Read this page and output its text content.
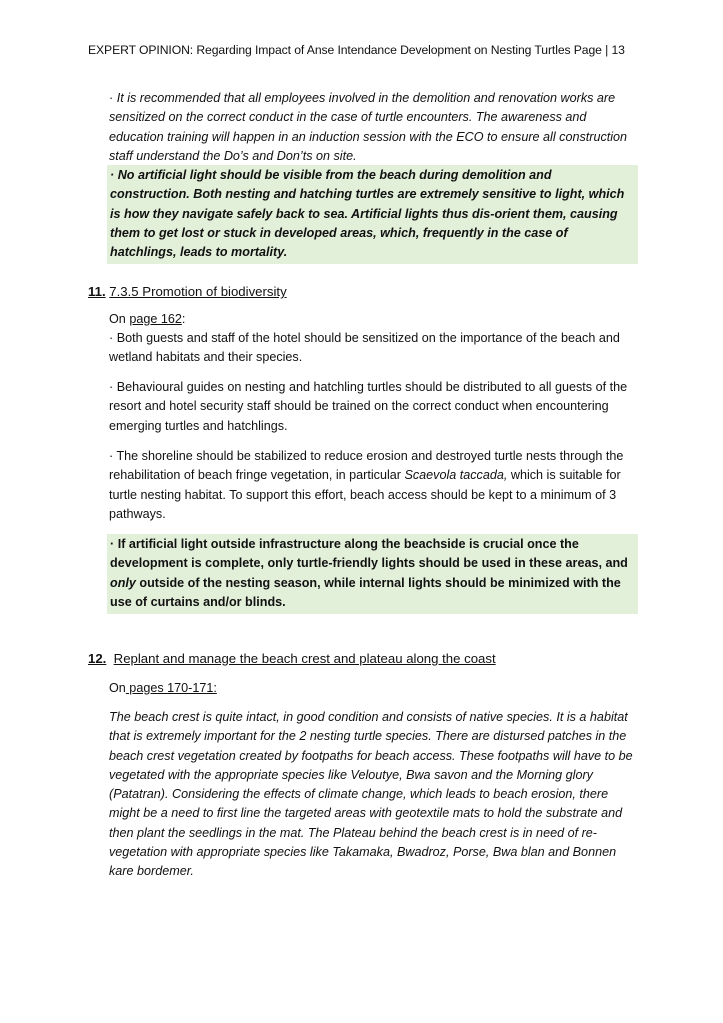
EXPERT OPINION: Regarding Impact of Anse Intendance Development on Nesting Turtles Page | 13
· It is recommended that all employees involved in the demolition and renovation works are sensitized on the correct conduct in the case of turtle encounters. The awareness and education training will happen in an induction session with the ECO to ensure all construction staff understand the Do’s and Don’ts on site.
· No artificial light should be visible from the beach during demolition and construction. Both nesting and hatching turtles are extremely sensitive to light, which is how they navigate safely back to sea. Artificial lights thus dis-orient them, causing them to get lost or stuck in developed areas, which, frequently in the case of hatchlings, leads to mortality.
11. 7.3.5 Promotion of biodiversity
On page 162:
· Both guests and staff of the hotel should be sensitized on the importance of the beach and wetland habitats and their species.
· Behavioural guides on nesting and hatchling turtles should be distributed to all guests of the resort and hotel security staff should be trained on the correct conduct when encountering emerging turtles and hatchlings.
· The shoreline should be stabilized to reduce erosion and destroyed turtle nests through the rehabilitation of beach fringe vegetation, in particular Scaevola taccada, which is suitable for turtle nesting habitat. To support this effort, beach access should be kept to a minimum of 3 pathways.
· If artificial light outside infrastructure along the beachside is crucial once the development is complete, only turtle-friendly lights should be used in these areas, and only outside of the nesting season, while internal lights should be minimized with the use of curtains and/or blinds.
12. Replant and manage the beach crest and plateau along the coast
On pages 170-171:
The beach crest is quite intact, in good condition and consists of native species. It is a habitat that is extremely important for the 2 nesting turtle species. There are distursed patches in the beach crest vegetation created by footpaths for beach access. These footpaths will have to be vegetated with the appropriate species like Veloutye, Bwa savon and the Morning glory (Patatran). Considering the effects of climate change, which leads to beach erosion, there might be a need to first line the targeted areas with geotextile mats to hold the substrate and then plant the seedlings in the mat. The Plateau behind the beach crest is in need of re-vegetation with appropriate species like Takamaka, Bwadroz, Porse, Bwa blan and Bonnen kare bordemer.
